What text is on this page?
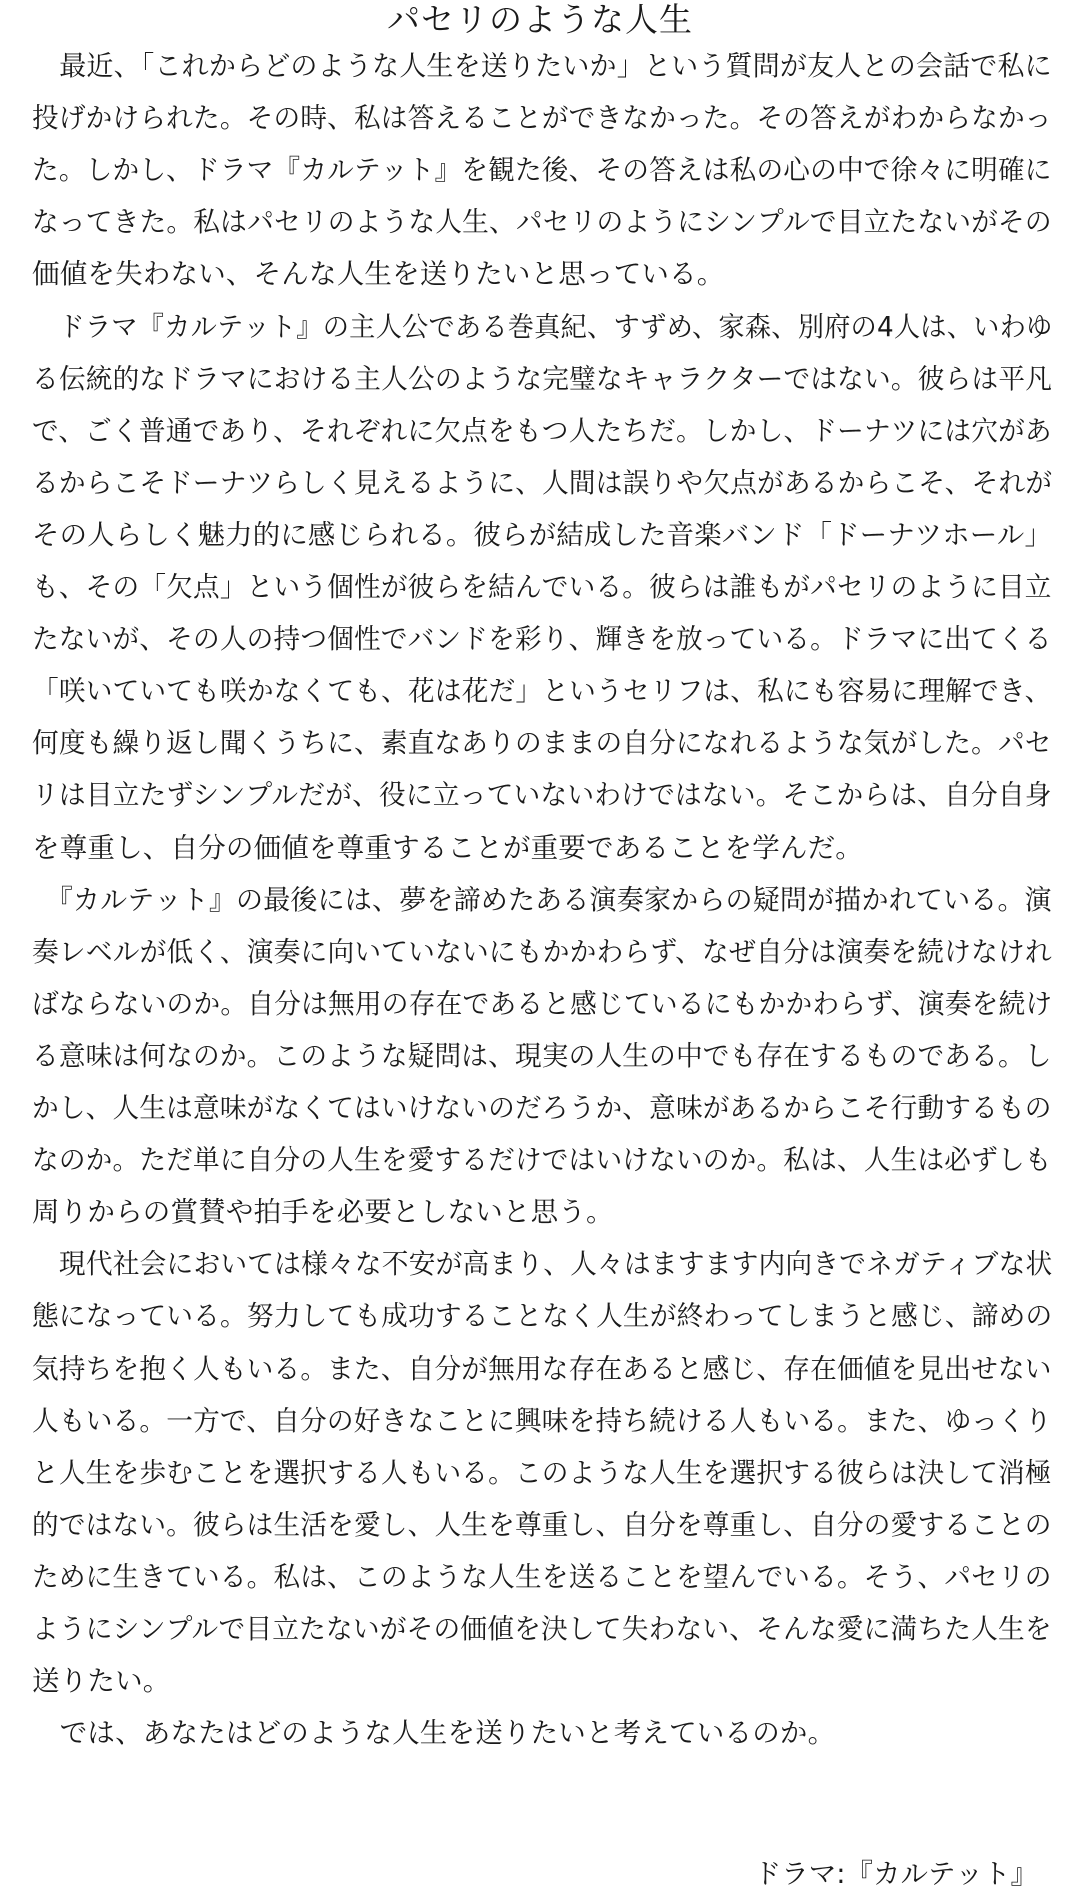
パセリのような人生
　最近、「これからどのような人生を送りたいか」という質問が友人との会話で私に
投げかけられた。その時、私は答えることができなかった。その答えがわからなかっ
た。しかし、ドラマ『カルテット』を観た後、その答えは私の心の中で徐々に明確に
なってきた。私はパセリのような人生、パセリのようにシンプルで目立たないがその
価値を失わない、そんな人生を送りたいと思っている。
　ドラマ『カルテット』の主人公である巻真紀、すずめ、家森、別府の4人は、いわゆ
る伝統的なドラマにおける主人公のような完璧なキャラクターではない。彼らは平凡
で、ごく普通であり、それぞれに欠点をもつ人たちだ。しかし、ドーナツには穴があ
るからこそドーナツらしく見えるように、人間は誤りや欠点があるからこそ、それが
その人らしく魅力的に感じられる。彼らが結成した音楽バンド「ドーナツホール」
も、その「欠点」という個性が彼らを結んでいる。彼らは誰もがパセリのように目立
たないが、その人の持つ個性でバンドを彩り、輝きを放っている。ドラマに出てくる
「咲いていても咲かなくても、花は花だ」というセリフは、私にも容易に理解でき、
何度も繰り返し聞くうちに、素直なありのままの自分になれるような気がした。パセ
リは目立たずシンプルだが、役に立っていないわけではない。そこからは、自分自身
を尊重し、自分の価値を尊重することが重要であることを学んだ。
　『カルテット』の最後には、夢を諦めたある演奏家からの疑問が描かれている。演
奏レベルが低く、演奏に向いていないにもかかわらず、なぜ自分は演奏を続けなけれ
ばならないのか。自分は無用の存在であると感じているにもかかわらず、演奏を続け
る意味は何なのか。このような疑問は、現実の人生の中でも存在するものである。し
かし、人生は意味がなくてはいけないのだろうか、意味があるからこそ行動するもの
なのか。ただ単に自分の人生を愛するだけではいけないのか。私は、人生は必ずしも
周りからの賞賛や拍手を必要としないと思う。
　現代社会においては様々な不安が高まり、人々はますます内向きでネガティブな状
態になっている。努力しても成功することなく人生が終わってしまうと感じ、諦めの
気持ちを抱く人もいる。また、自分が無用な存在あると感じ、存在価値を見出せない
人もいる。一方で、自分の好きなことに興味を持ち続ける人もいる。また、ゆっくり
と人生を歩むことを選択する人もいる。このような人生を選択する彼らは決して消極
的ではない。彼らは生活を愛し、人生を尊重し、自分を尊重し、自分の愛することの
ために生きている。私は、このような人生を送ることを望んでいる。そう、パセリの
ようにシンプルで目立たないがその価値を決して失わない、そんな愛に満ちた人生を
送りたい。
　では、あなたはどのような人生を送りたいと考えているのか。
ドラマ:『カルテット』
